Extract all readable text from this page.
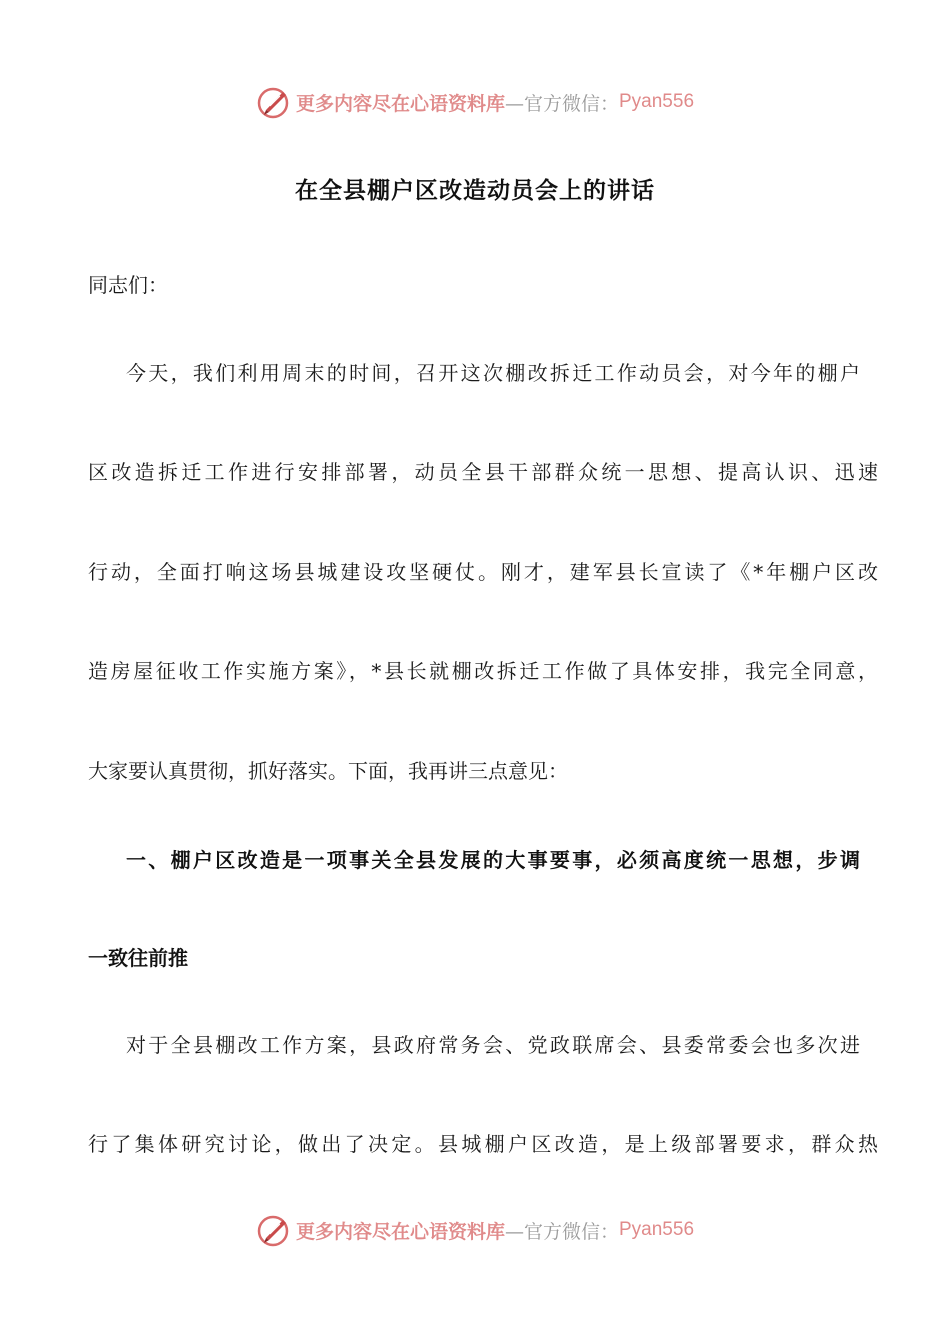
更多内容尽在心语资料库 —官方微信： Pyan556
在全县棚户区改造动员会上的讲话
同志们：
今天，我们利用周末的时间，召开这次棚改拆迁工作动员会，对今年的棚户
区改造拆迁工作进行安排部署，动员全县干部群众统一思想、提高认识、迅速
行动，全面打响这场县城建设攻坚硬仗。刚才，建军县长宣读了《*年棚户区改
造房屋征收工作实施方案》，*县长就棚改拆迁工作做了具体安排，我完全同意，
大家要认真贯彻，抓好落实。下面，我再讲三点意见：
一、棚户区改造是一项事关全县发展的大事要事，必须高度统一思想，步调
一致往前推
对于全县棚改工作方案，县政府常务会、党政联席会、县委常委会也多次进
行了集体研究讨论，做出了决定。县城棚户区改造，是上级部署要求，群众热
更多内容尽在心语资料库 —官方微信： Pyan556
